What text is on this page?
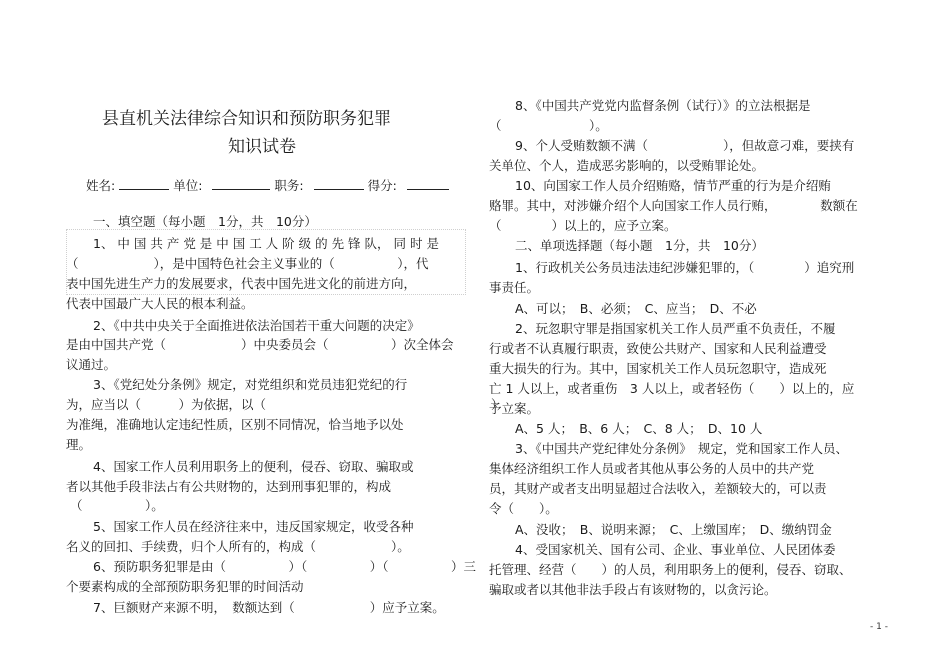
县直机关法律综合知识和预防职务犯罪
知识试卷
姓名:	单位:	职务:	得分:
一、填空题（每小题　1分，共　10分）
1、 中 国 共 产 党 是 中 国 工 人 阶 级 的 先 锋 队， 同 时 是
（　　　　　　），是中国特色社会主义事业的（　　　　　），代
表中国先进生产力的发展要求，代表中国先进文化的前进方向，
代表中国最广大人民的根本利益。
2、《中共中央关于全面推进依法治国若干重大问题的决定》
是由中国共产党（　　　　　　）中央委员会（　　　　　）次全体会
议通过。
3、《党纪处分条例》规定，对党组织和党员违犯党纪的行
为，应当以（　　　）为依据，以（　　　　　　　　　　　　　　　　　　）
为准绳，准确地认定违纪性质，区别不同情况，恰当地予以处
理。
4、国家工作人员利用职务上的便利，侵吞、窃取、骗取或
者以其他手段非法占有公共财物的，达到刑事犯罪的，构成
（　　　　　）。
5、国家工作人员在经济往来中，违反国家规定，收受各种
名义的回扣、手续费，归个人所有的，构成（　　　　　　）。
6、预防职务犯罪是由（　　　　　）（　　　　　）（　　　　　）三
个要素构成的全部预防职务犯罪的时间活动
7、巨额财产来源不明，　数额达到（　　　　　　）应予立案。
8、《中国共产党党内监督条例（试行）》的立法根据是
（　　　　　　　）。
9、个人受贿数额不满（　　　　　　），但故意刁难，要挟有
关单位、个人，造成恶劣影响的，以受贿罪论处。
10、向国家工作人员介绍贿赂，情节严重的行为是介绍贿
赂罪。其中，对涉嫌介绍个人向国家工作人员行贿，　　　　数额在
（　　　　）以上的，应予立案。
二、单项选择题（每小题　1分，共　10分）
1、行政机关公务员违法违纪涉嫌犯罪的，（　　　　）追究刑
事责任。
A、可以；　B、必须；　C、应当；　D、不必
2、玩忽职守罪是指国家机关工作人员严重不负责任，不履
行或者不认真履行职责，致使公共财产、国家和人民利益遭受
重大损失的行为。其中，国家机关工作人员玩忽职守，造成死
亡 1 人以上，或者重伤　3 人以上，或者轻伤（　　）以上的，应
予立案。
A、5 人；　B、6 人；　C、8 人；　D、10 人
3、《中国共产党纪律处分条例》　规定，党和国家工作人员、
集体经济组织工作人员或者其他从事公务的人员中的共产党
员，其财产或者支出明显超过合法收入，差额较大的，可以责
令（　　）。
A、没收；　B、说明来源；　C、上缴国库；　D、缴纳罚金
4、受国家机关、国有公司、企业、事业单位、人民团体委
托管理、经营（　　）的人员，利用职务上的便利，侵吞、窃取、
骗取或者以其他非法手段占有该财物的，以贪污论。
- 1 -
